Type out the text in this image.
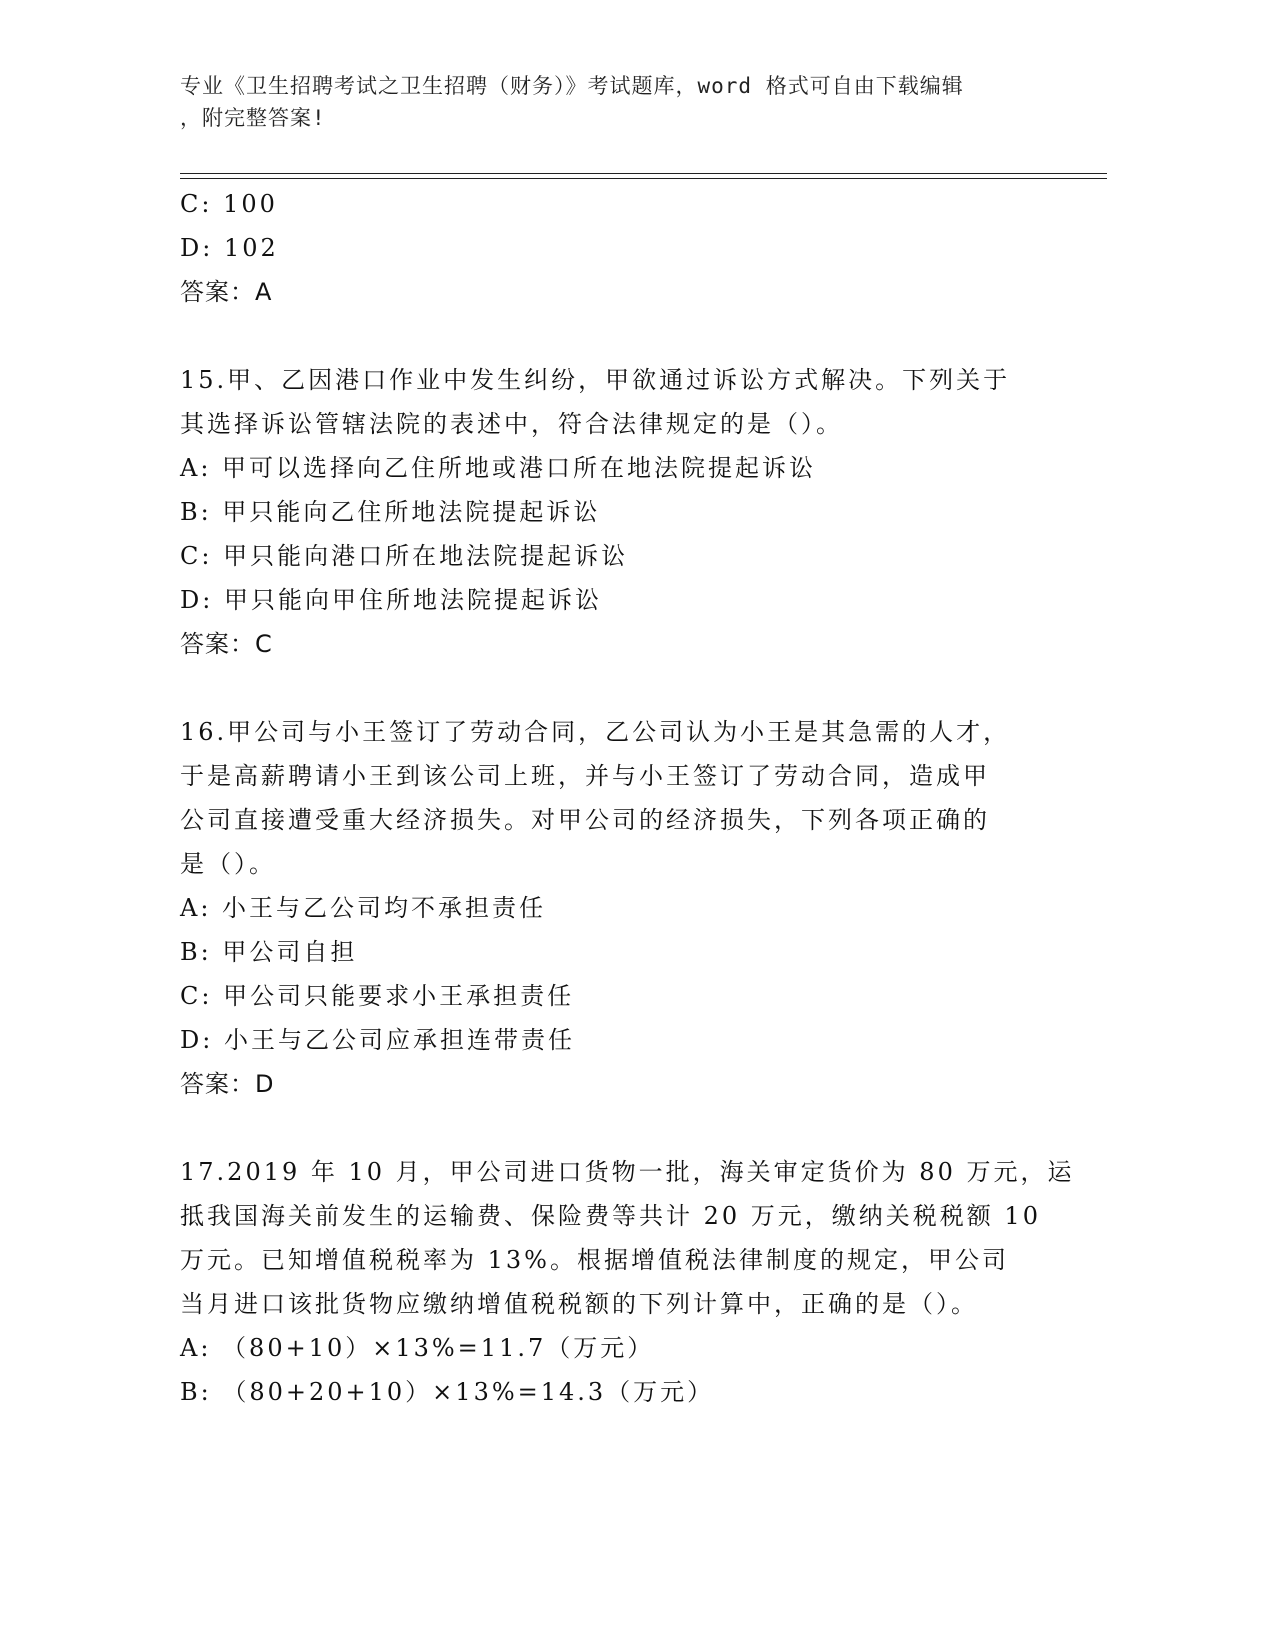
专业《卫生招聘考试之卫生招聘（财务）》考试题库，word 格式可自由下载编辑
，附完整答案!
C: 100
D: 102
答案：A
15.甲、乙因港口作业中发生纠纷，甲欲通过诉讼方式解决。下列关于
其选择诉讼管辖法院的表述中，符合法律规定的是（）。
A: 甲可以选择向乙住所地或港口所在地法院提起诉讼
B: 甲只能向乙住所地法院提起诉讼
C: 甲只能向港口所在地法院提起诉讼
D: 甲只能向甲住所地法院提起诉讼
答案：C
16.甲公司与小王签订了劳动合同，乙公司认为小王是其急需的人才，
于是高薪聘请小王到该公司上班，并与小王签订了劳动合同，造成甲
公司直接遭受重大经济损失。对甲公司的经济损失，下列各项正确的
是（）。
A: 小王与乙公司均不承担责任
B: 甲公司自担
C: 甲公司只能要求小王承担责任
D: 小王与乙公司应承担连带责任
答案：D
17.2019 年 10 月，甲公司进口货物一批，海关审定货价为 80 万元，运
抵我国海关前发生的运输费、保险费等共计 20 万元，缴纳关税税额 10
万元。已知增值税税率为 13%。根据增值税法律制度的规定，甲公司
当月进口该批货物应缴纳增值税税额的下列计算中，正确的是（）。
A: （80+10）×13%=11.7（万元）
B: （80+20+10）×13%=14.3（万元）
